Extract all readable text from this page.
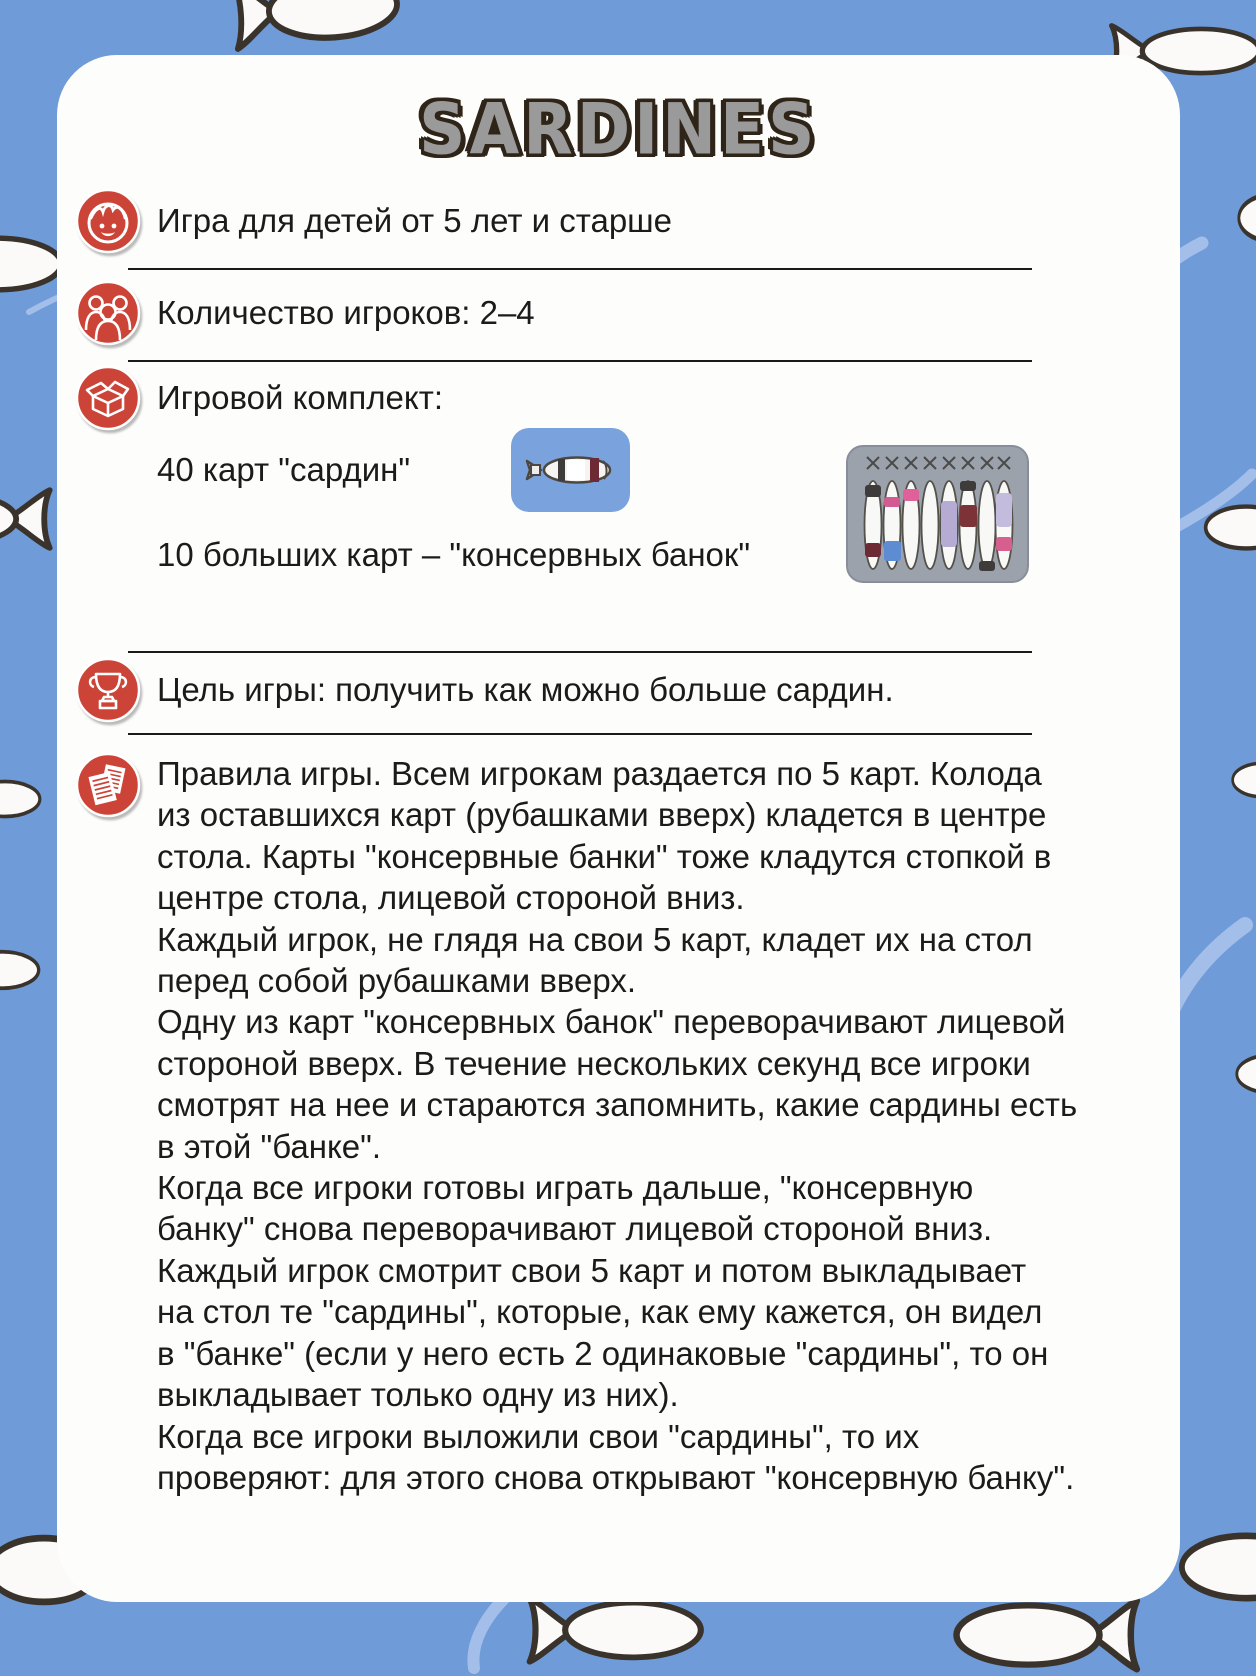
SARDINES
Игра для детей от 5 лет и старше
Количество игроков: 2–4
Игровой комплект:
40 карт "сардин"
10 больших карт – "консервных банок"
Цель игры: получить как можно больше сардин.
Правила игры. Всем игрокам раздается по 5 карт. Колода
из оставшихся карт (рубашками вверх) кладется в центре
стола. Карты "консервные банки" тоже кладутся стопкой в
центре стола, лицевой стороной вниз.
Каждый игрок, не глядя на свои 5 карт, кладет их на стол
перед собой рубашками вверх.
Одну из карт "консервных банок" переворачивают лицевой
стороной вверх. В течение нескольких секунд все игроки
смотрят на нее и стараются запомнить, какие сардины есть
в этой "банке".
Когда все игроки готовы играть дальше, "консервную
банку" снова переворачивают лицевой стороной вниз.
Каждый игрок смотрит свои 5 карт и потом выкладывает
на стол те "сардины", которые, как ему кажется, он видел
в "банке" (если у него есть 2 одинаковые "сардины", то он
выкладывает только одну из них).
Когда все игроки выложили свои "сардины", то их
проверяют: для этого снова открывают "консервную банку".
